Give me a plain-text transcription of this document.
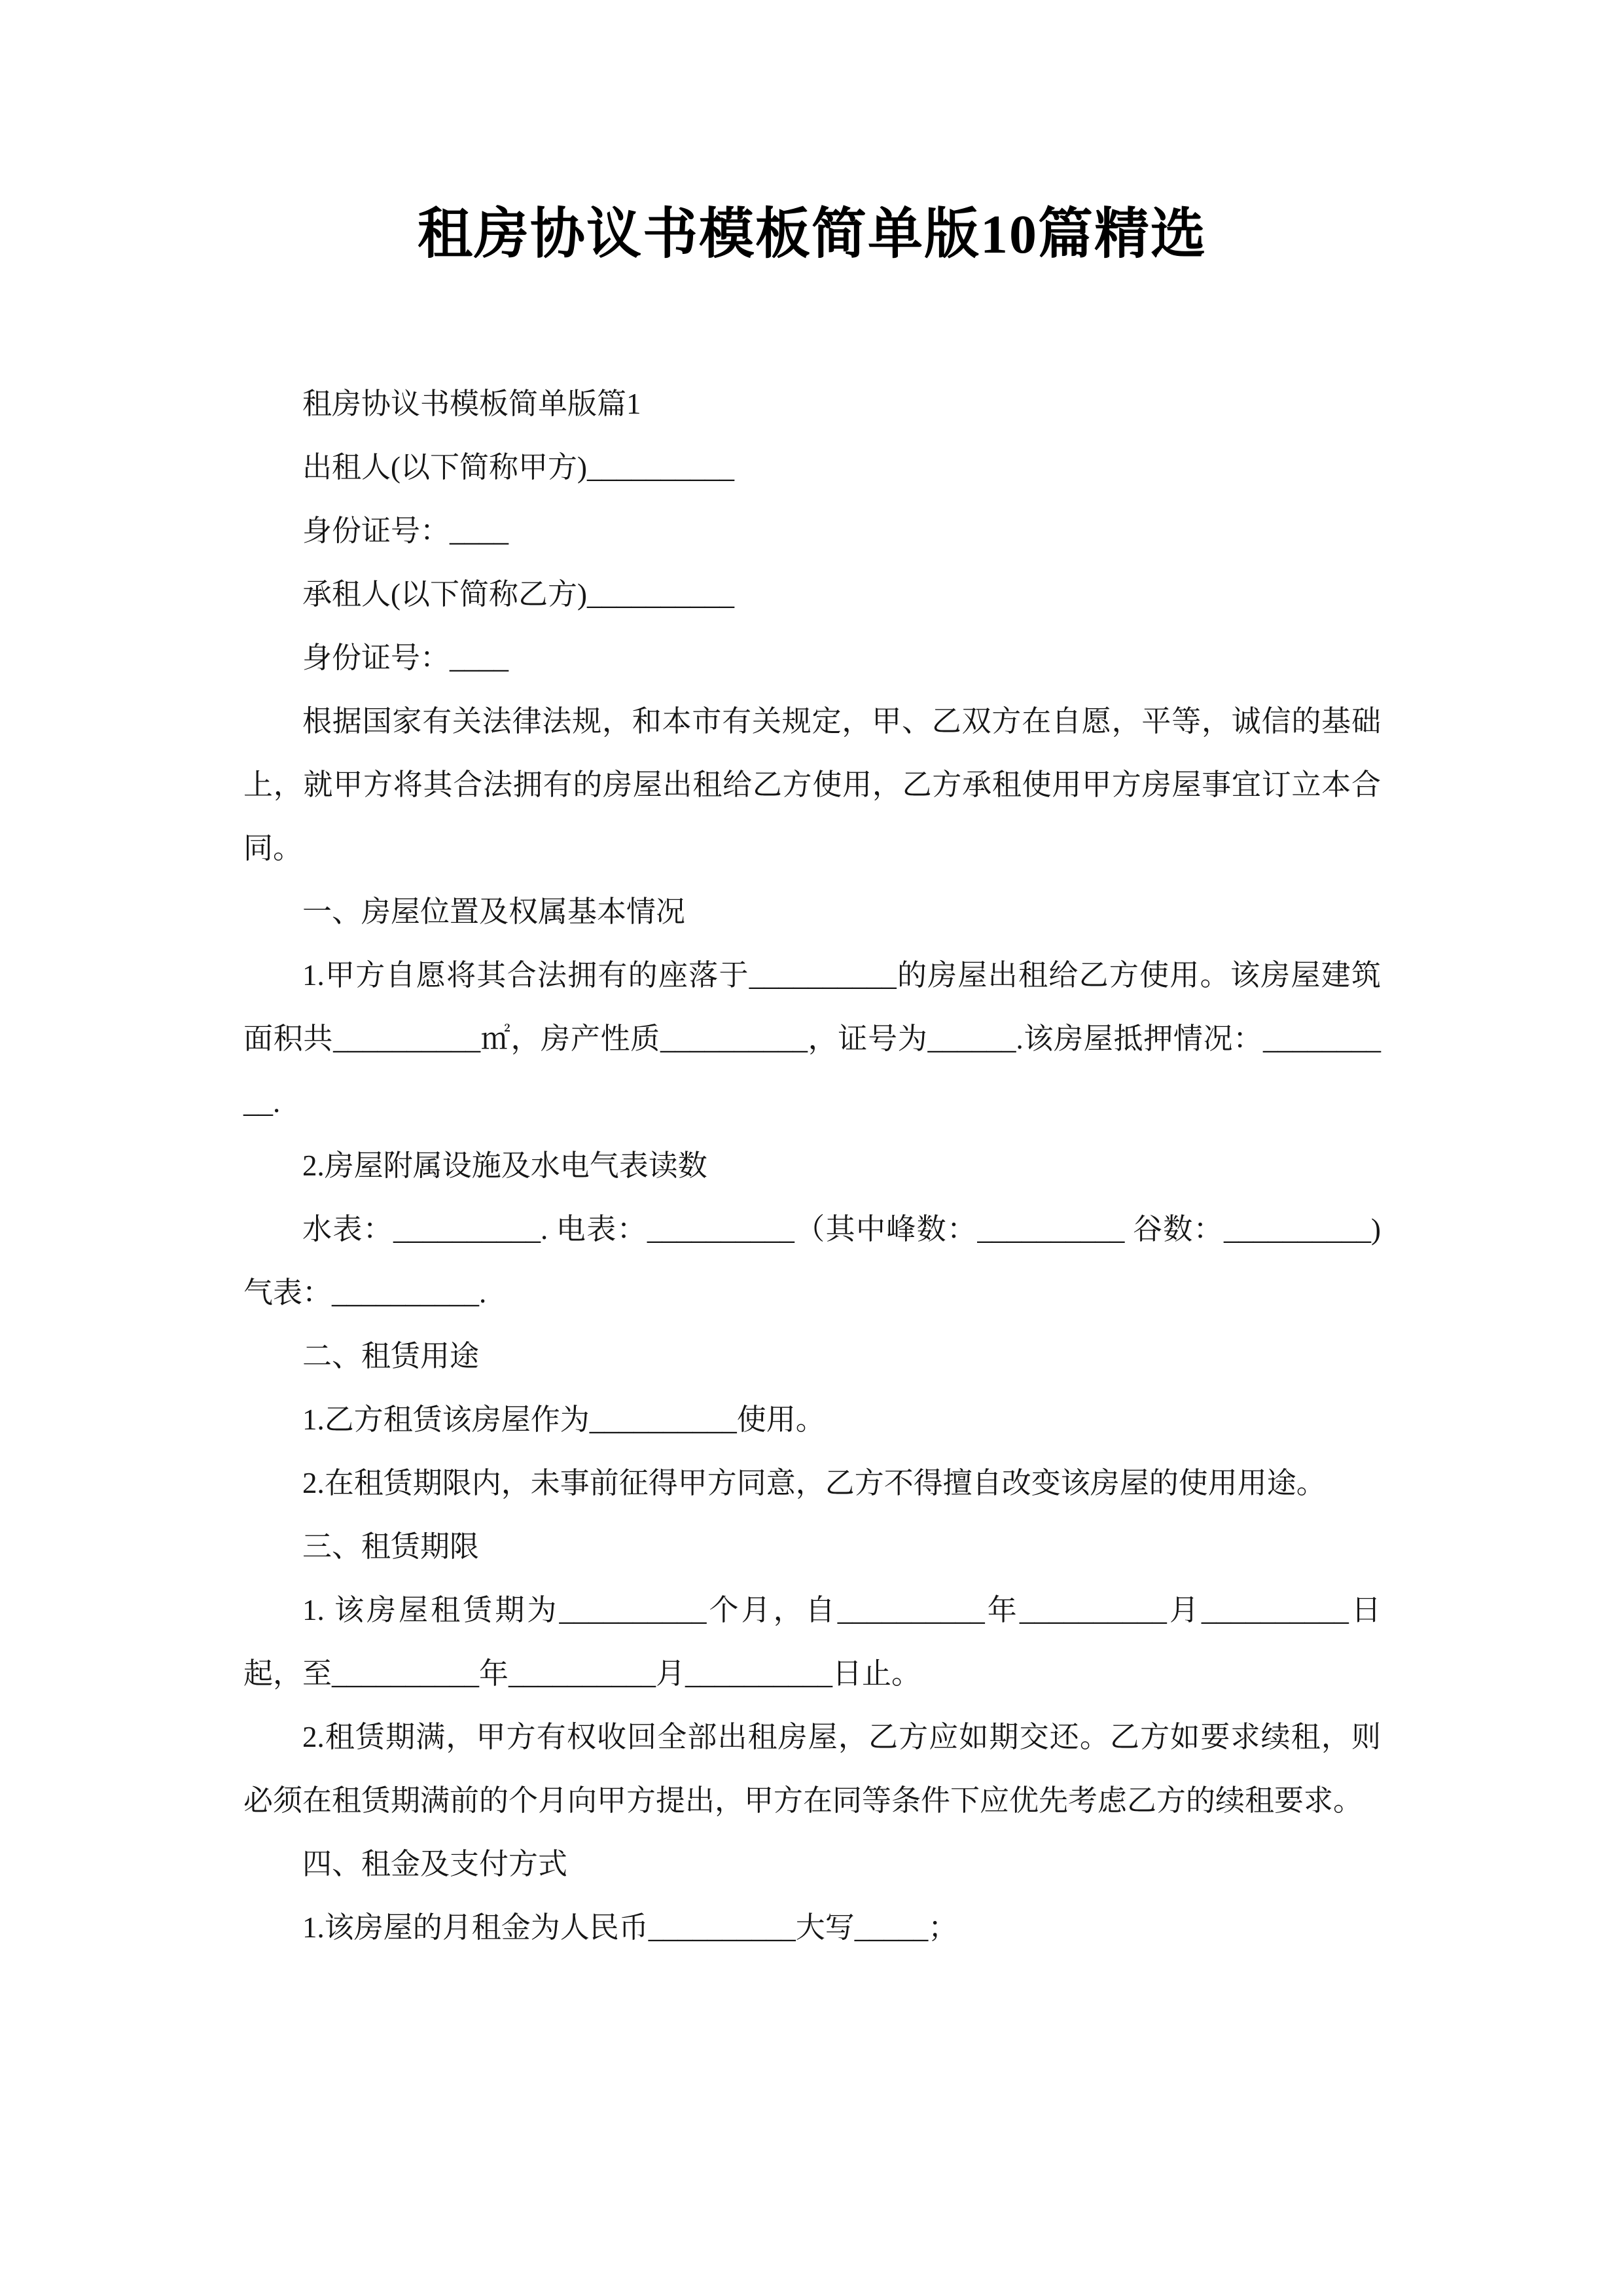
租房协议书模板简单版10篇精选

租房协议书模板简单版篇1

出租人(以下简称甲方)__________

身份证号：____

承租人(以下简称乙方)__________

身份证号：____

根据国家有关法律法规，和本市有关规定，甲、乙双方在自愿，平等，诚信的基础上，就甲方将其合法拥有的房屋出租给乙方使用，乙方承租使用甲方房屋事宜订立本合同。

一、房屋位置及权属基本情况

1.甲方自愿将其合法拥有的座落于__________的房屋出租给乙方使用。该房屋建筑面积共__________㎡，房产性质__________，证号为______.该房屋抵押情况：__________.

2.房屋附属设施及水电气表读数

水表：__________. 电表：__________（其中峰数：__________ 谷数：__________)气表：__________.

二、租赁用途

1.乙方租赁该房屋作为__________使用。

2.在租赁期限内，未事前征得甲方同意，乙方不得擅自改变该房屋的使用用途。

三、租赁期限

1. 该房屋租赁期为__________个月，自__________年__________月__________日起，至__________年__________月__________日止。

2.租赁期满，甲方有权收回全部出租房屋，乙方应如期交还。乙方如要求续租，则必须在租赁期满前的个月向甲方提出，甲方在同等条件下应优先考虑乙方的续租要求。

四、租金及支付方式

1.该房屋的月租金为人民币__________大写_____；
